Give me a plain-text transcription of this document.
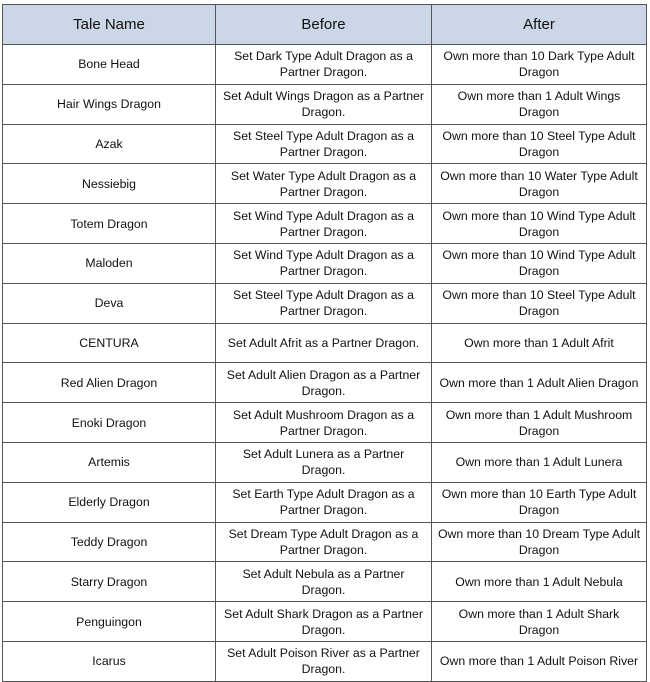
Tale Name	Before	After
Bone Head	Set Dark Type Adult Dragon as a Partner Dragon.	Own more than 10 Dark Type Adult Dragon
Hair Wings Dragon	Set Adult Wings Dragon as a Partner Dragon.	Own more than 1 Adult Wings Dragon
Azak	Set Steel Type Adult Dragon as a Partner Dragon.	Own more than 10 Steel Type Adult Dragon
Nessiebig	Set Water Type Adult Dragon as a Partner Dragon.	Own more than 10 Water Type Adult Dragon
Totem Dragon	Set Wind Type Adult Dragon as a Partner Dragon.	Own more than 10 Wind Type Adult Dragon
Maloden	Set Wind Type Adult Dragon as a Partner Dragon.	Own more than 10 Wind Type Adult Dragon
Deva	Set Steel Type Adult Dragon as a Partner Dragon.	Own more than 10 Steel Type Adult Dragon
CENTURA	Set Adult Afrit as a Partner Dragon.	Own more than 1 Adult Afrit
Red Alien Dragon	Set Adult Alien Dragon as a Partner Dragon.	Own more than 1 Adult Alien Dragon
Enoki Dragon	Set Adult Mushroom Dragon as a Partner Dragon.	Own more than 1 Adult Mushroom Dragon
Artemis	Set Adult Lunera as a Partner Dragon.	Own more than 1 Adult Lunera
Elderly Dragon	Set Earth Type Adult Dragon as a Partner Dragon.	Own more than 10 Earth Type Adult Dragon
Teddy Dragon	Set Dream Type Adult Dragon as a Partner Dragon.	Own more than 10 Dream Type Adult Dragon
Starry Dragon	Set Adult Nebula as a Partner Dragon.	Own more than 1 Adult Nebula
Penguingon	Set Adult Shark Dragon as a Partner Dragon.	Own more than 1 Adult Shark Dragon
Icarus	Set Adult Poison River as a Partner Dragon.	Own more than 1 Adult Poison River
